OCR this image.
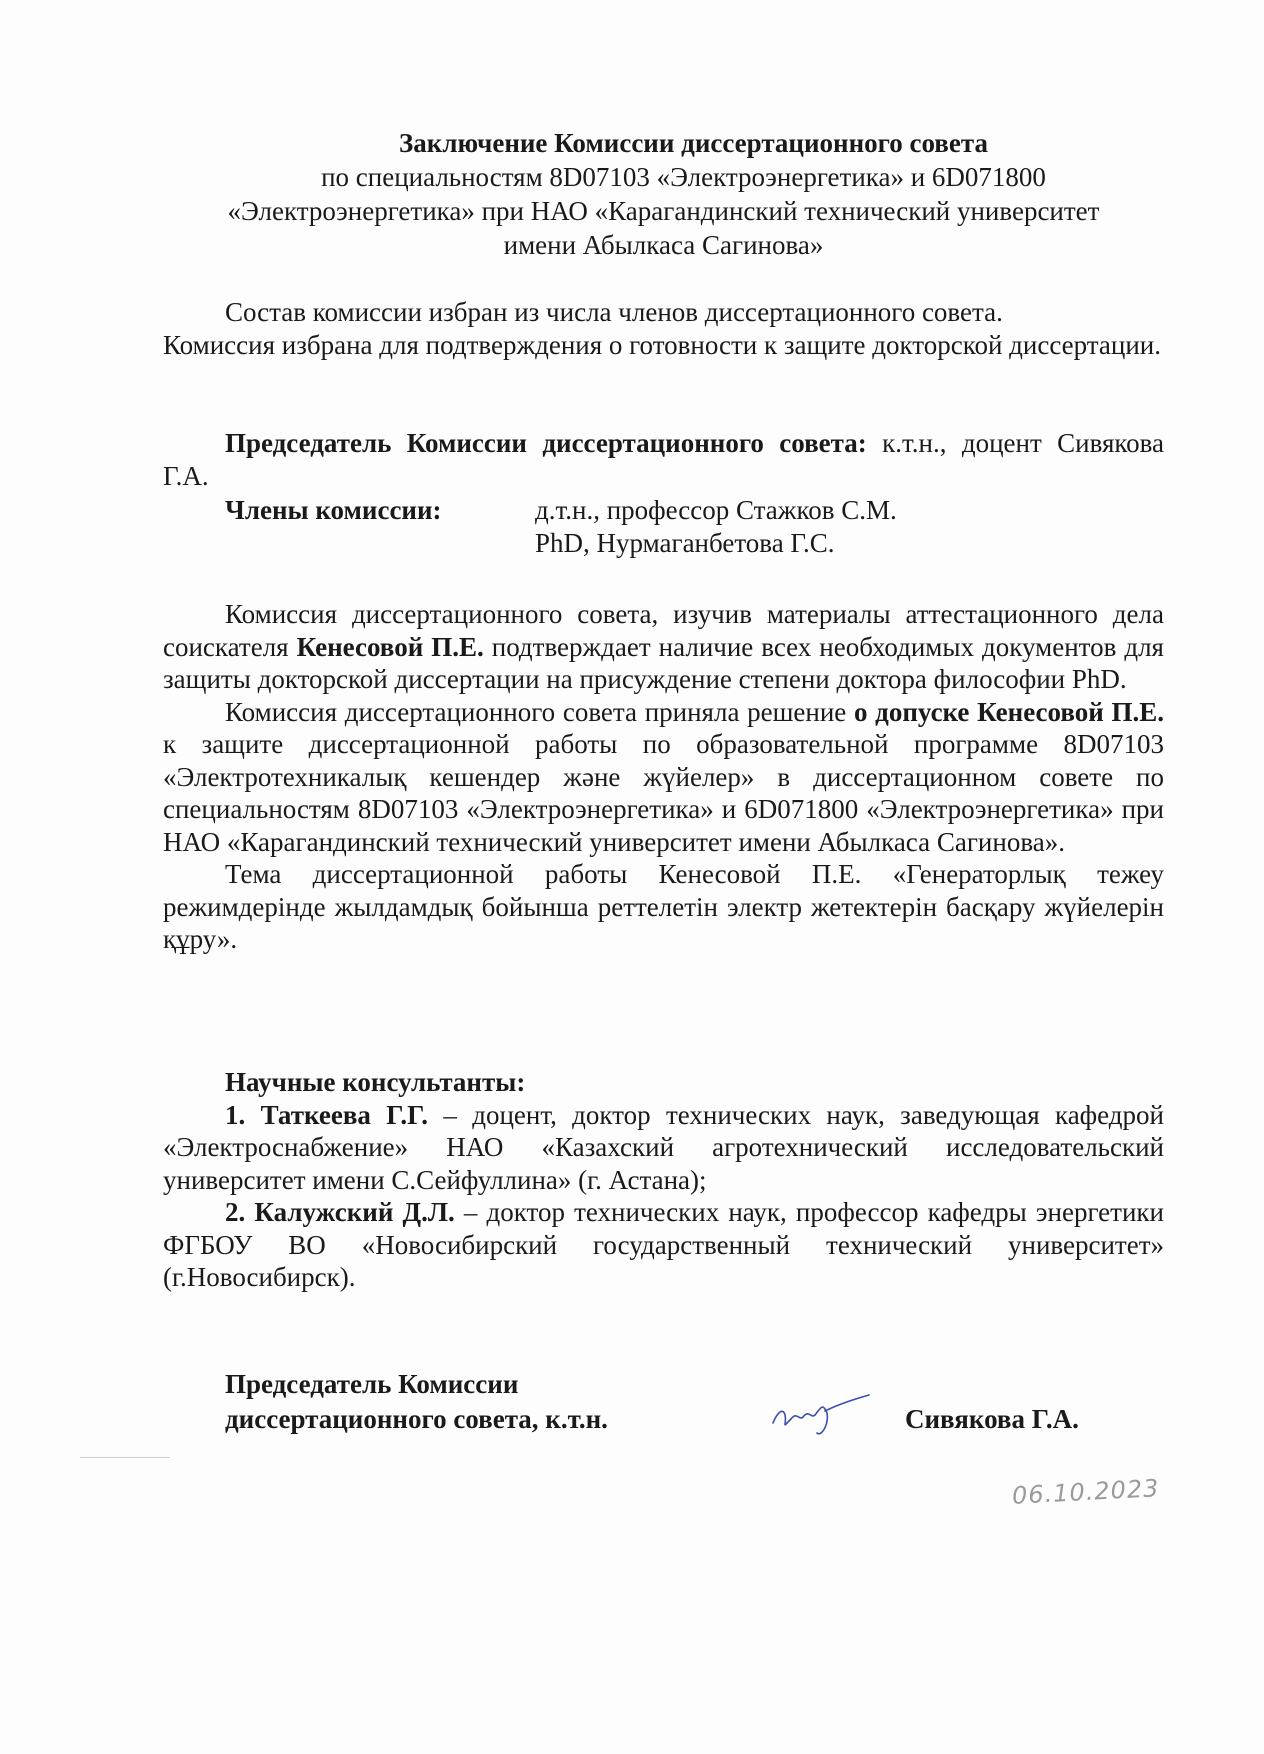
Заключение Комиссии диссертационного совета
по специальностям 8D07103 «Электроэнергетика» и 6D071800
«Электроэнергетика» при НАО «Карагандинский технический университет
имени Абылкаса Сагинова»
Состав комиссии избран из числа членов диссертационного совета.
Комиссия избрана для подтверждения о готовности к защите докторской диссертации.
Председатель Комиссии диссертационного совета: к.т.н., доцент Сивякова Г.А.
Члены комиссии:	д.т.н., профессор Стажков С.М.
PhD, Нурмаганбетова Г.С.
Комиссия диссертационного совета, изучив материалы аттестационного дела соискателя Кенесовой П.Е. подтверждает наличие всех необходимых документов для защиты докторской диссертации на присуждение степени доктора философии PhD.
Комиссия диссертационного совета приняла решение о допуске Кенесовой П.Е. к защите диссертационной работы по образовательной программе 8D07103 «Электротехникалық кешендер және жүйелер» в диссертационном совете по специальностям 8D07103 «Электроэнергетика» и 6D071800 «Электроэнергетика» при НАО «Карагандинский технический университет имени Абылкаса Сагинова».
Тема диссертационной работы Кенесовой П.Е. «Генераторлық тежеу режимдерінде жылдамдық бойынша реттелетін электр жетектерін басқару жүйелерін құру».
Научные консультанты:
1. Таткеева Г.Г. – доцент, доктор технических наук, заведующая кафедрой «Электроснабжение» НАО «Казахский агротехнический исследовательский университет имени С.Сейфуллина» (г. Астана);
2. Калужский Д.Л. – доктор технических наук, профессор кафедры энергетики ФГБОУ ВО «Новосибирский государственный технический университет» (г.Новосибирск).
Председатель Комиссии
диссертационного совета, к.т.н.	Сивякова Г.А.
06.10.2023
